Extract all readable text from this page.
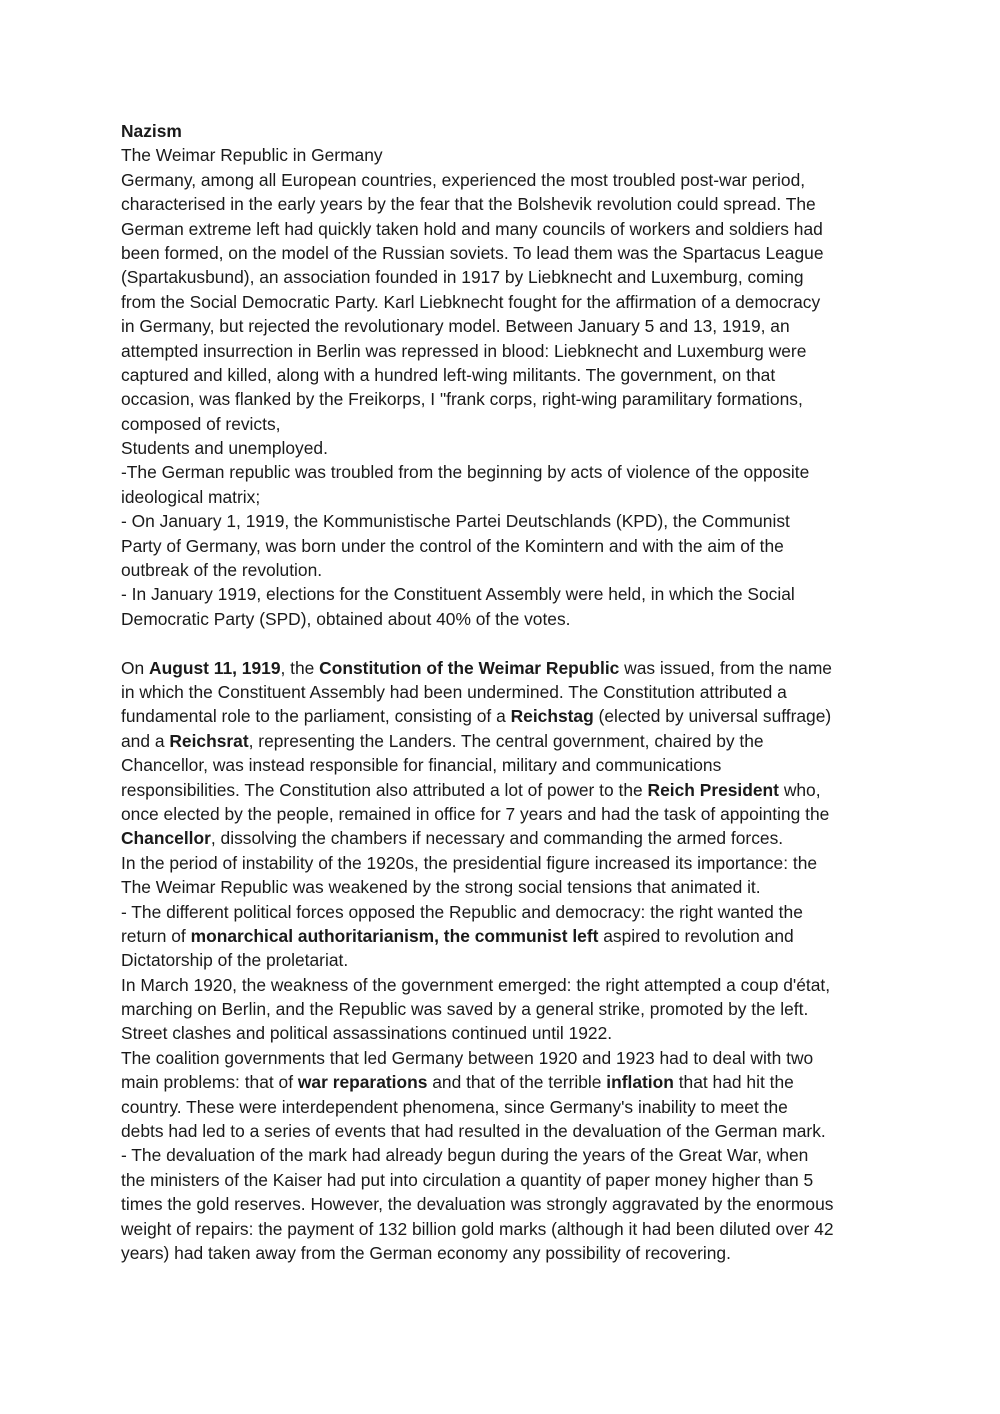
Nazism
The Weimar Republic in Germany
Germany, among all European countries, experienced the most troubled post-war period,
characterised in the early years by the fear that the Bolshevik revolution could spread. The
German extreme left had quickly taken hold and many councils of workers and soldiers had
been formed, on the model of the Russian soviets. To lead them was the Spartacus League
(Spartakusbund), an association founded in 1917 by Liebknecht and Luxemburg, coming
from the Social Democratic Party. Karl Liebknecht fought for the affirmation of a democracy
in Germany, but rejected the revolutionary model. Between January 5 and 13, 1919, an
attempted insurrection in Berlin was repressed in blood: Liebknecht and Luxemburg were
captured and killed, along with a hundred left-wing militants. The government, on that
occasion, was flanked by the Freikorps, I "frank corps, right-wing paramilitary formations,
composed of revicts,
Students and unemployed.
-The German republic was troubled from the beginning by acts of violence of the opposite
ideological matrix;
- On January 1, 1919, the Kommunistische Partei Deutschlands (KPD), the Communist
Party of Germany, was born under the control of the Komintern and with the aim of the
outbreak of the revolution.
- In January 1919, elections for the Constituent Assembly were held, in which the Social
Democratic Party (SPD), obtained about 40% of the votes.
On August 11, 1919, the Constitution of the Weimar Republic was issued, from the name
in which the Constituent Assembly had been undermined. The Constitution attributed a
fundamental role to the parliament, consisting of a Reichstag (elected by universal suffrage)
and a Reichsrat, representing the Landers. The central government, chaired by the
Chancellor, was instead responsible for financial, military and communications
responsibilities. The Constitution also attributed a lot of power to the Reich President who,
once elected by the people, remained in office for 7 years and had the task of appointing the
Chancellor, dissolving the chambers if necessary and commanding the armed forces.
In the period of instability of the 1920s, the presidential figure increased its importance: the
The Weimar Republic was weakened by the strong social tensions that animated it.
- The different political forces opposed the Republic and democracy: the right wanted the
return of monarchical authoritarianism, the communist left aspired to revolution and
Dictatorship of the proletariat.
In March 1920, the weakness of the government emerged: the right attempted a coup d'état,
marching on Berlin, and the Republic was saved by a general strike, promoted by the left.
Street clashes and political assassinations continued until 1922.
The coalition governments that led Germany between 1920 and 1923 had to deal with two
main problems: that of war reparations and that of the terrible inflation that had hit the
country. These were interdependent phenomena, since Germany's inability to meet the
debts had led to a series of events that had resulted in the devaluation of the German mark.
- The devaluation of the mark had already begun during the years of the Great War, when
the ministers of the Kaiser had put into circulation a quantity of paper money higher than 5
times the gold reserves. However, the devaluation was strongly aggravated by the enormous
weight of repairs: the payment of 132 billion gold marks (although it had been diluted over 42
years) had taken away from the German economy any possibility of recovering.
